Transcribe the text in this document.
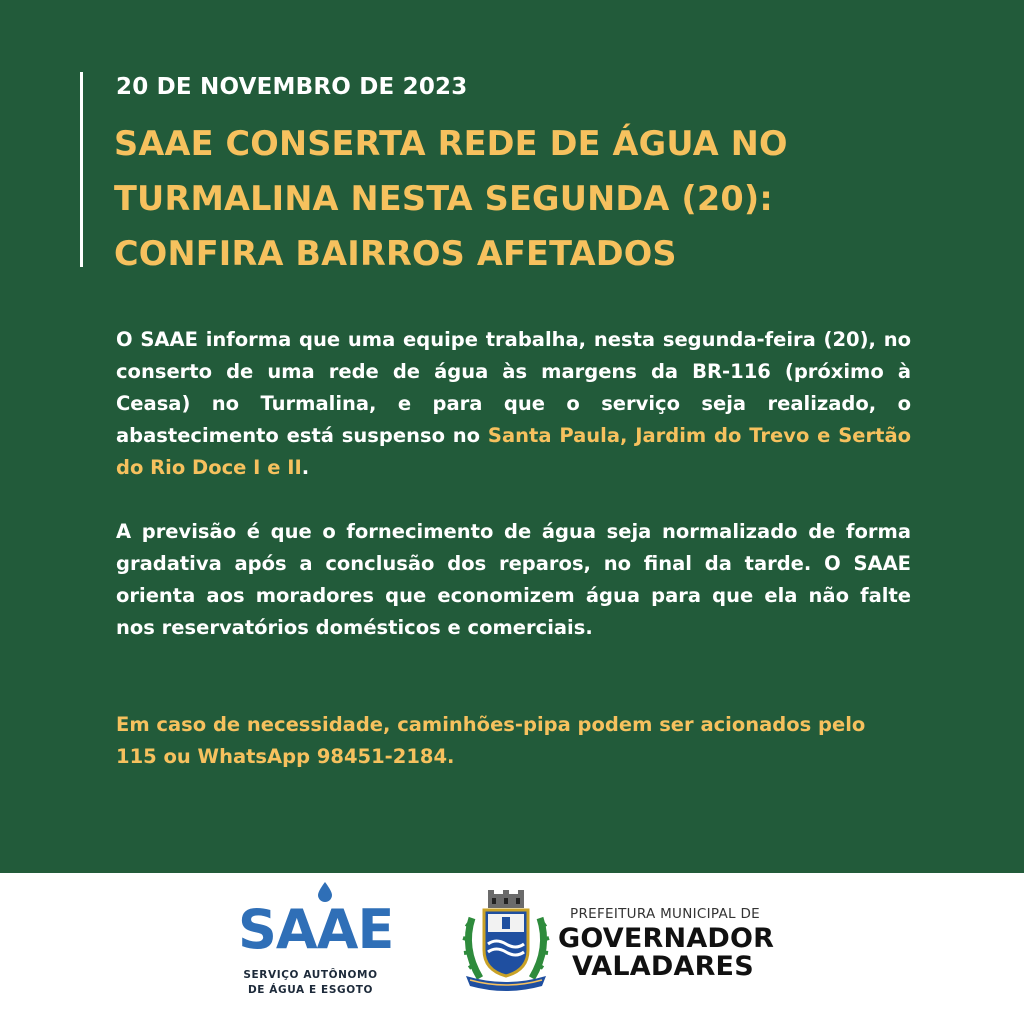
20 DE NOVEMBRO DE 2023
SAAE CONSERTA REDE DE ÁGUA NO
TURMALINA NESTA SEGUNDA (20):
CONFIRA BAIRROS AFETADOS

O SAAE informa que uma equipe trabalha, nesta segunda-feira (20), no conserto de uma rede de água às margens da BR-116 (próximo à Ceasa) no Turmalina, e para que o serviço seja realizado, o abastecimento está suspenso no Santa Paula, Jardim do Trevo e Sertão do Rio Doce I e II.

A previsão é que o fornecimento de água seja normalizado de forma gradativa após a conclusão dos reparos, no final da tarde. O SAAE orienta aos moradores que economizem água para que ela não falte nos reservatórios domésticos e comerciais.

Em caso de necessidade, caminhões-pipa podem ser acionados pelo 115 ou WhatsApp 98451-2184.

SAAE
SERVIÇO AUTÔNOMO
DE ÁGUA E ESGOTO
PREFEITURA MUNICIPAL DE
GOVERNADOR
VALADARES
